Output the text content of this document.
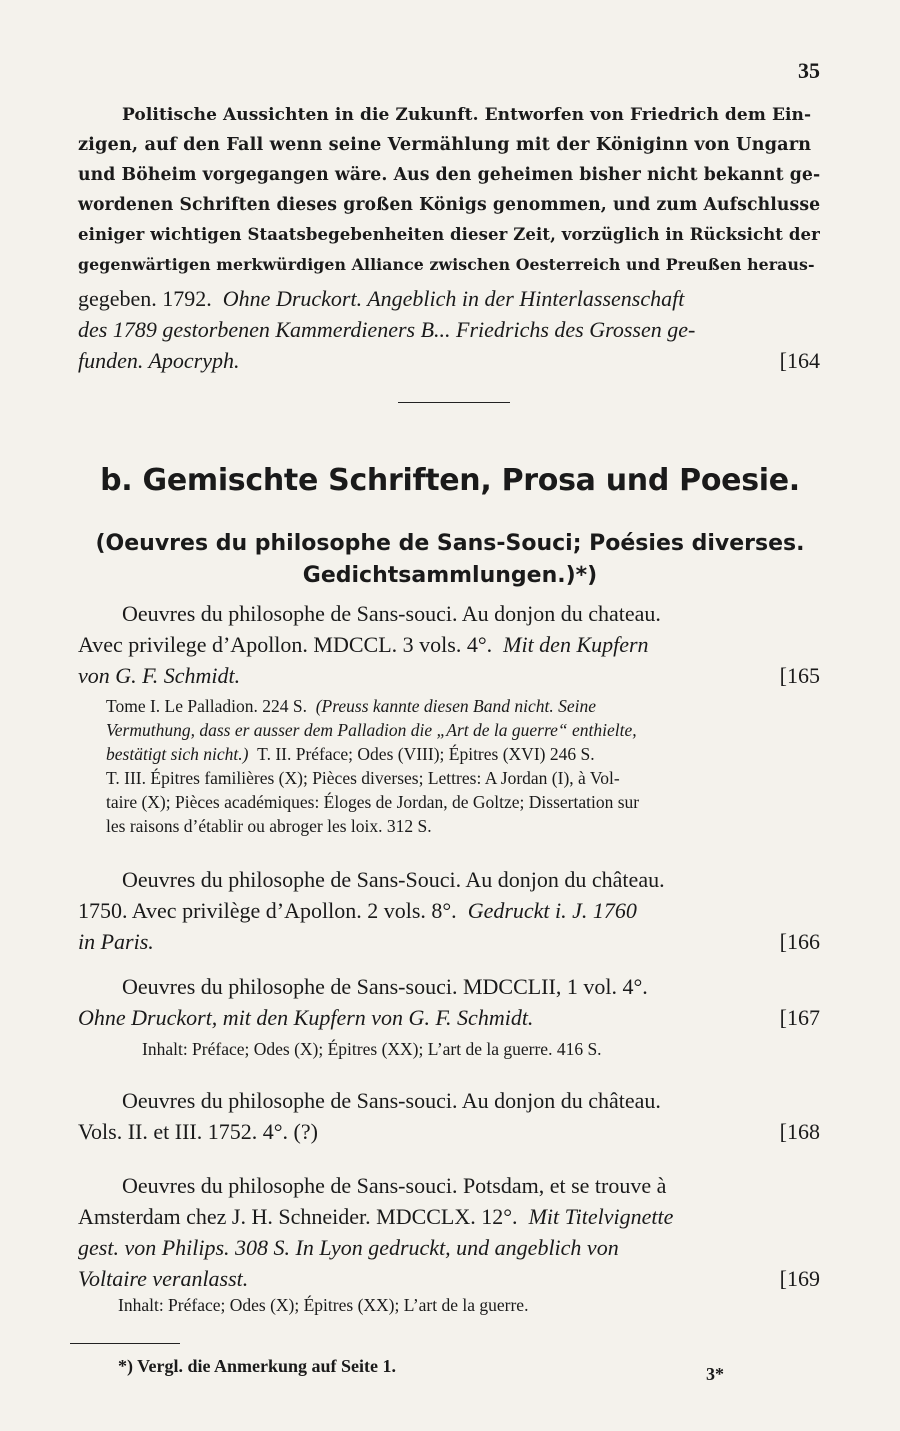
35
Politische Aussichten in die Zukunft. Entworfen von Friedrich dem Ein-
zigen, auf den Fall wenn seine Vermählung mit der Königinn von Ungarn
und Böheim vorgegangen wäre. Aus den geheimen bisher nicht bekannt ge-
wordenen Schriften dieses großen Königs genommen, und zum Aufschlusse
einiger wichtigen Staatsbegebenheiten dieser Zeit, vorzüglich in Rücksicht der
gegenwärtigen merkwürdigen Alliance zwischen Oesterreich und Preußen heraus-
gegeben. 1792. Ohne Druckort. Angeblich in der Hinterlassenschaft
des 1789 gestorbenen Kammerdieners B... Friedrichs des Grossen ge-
funden. Apocryph.	[164
b. Gemischte Schriften, Prosa und Poesie.
(Oeuvres du philosophe de Sans-Souci; Poésies diverses.
Gedichtsammlungen.)*)
Oeuvres du philosophe de Sans-souci. Au donjon du chateau.
Avec privilege d’Apollon. MDCCL. 3 vols. 4°. Mit den Kupfern
von G. F. Schmidt.	[165
Tome I. Le Palladion. 224 S. (Preuss kannte diesen Band nicht. Seine
Vermuthung, dass er ausser dem Palladion die „Art de la guerre“ enthielte,
bestätigt sich nicht.) T. II. Préface; Odes (VIII); Épitres (XVI) 246 S.
T. III. Épitres familières (X); Pièces diverses; Lettres: A Jordan (I), à Vol-
taire (X); Pièces académiques: Éloges de Jordan, de Goltze; Dissertation sur
les raisons d’établir ou abroger les loix. 312 S.
Oeuvres du philosophe de Sans-Souci. Au donjon du château.
1750. Avec privilège d’Apollon. 2 vols. 8°. Gedruckt i. J. 1760
in Paris.	[166
Oeuvres du philosophe de Sans-souci. MDCCLII, 1 vol. 4°.
Ohne Druckort, mit den Kupfern von G. F. Schmidt.	[167
Inhalt: Préface; Odes (X); Épitres (XX); L’art de la guerre. 416 S.
Oeuvres du philosophe de Sans-souci. Au donjon du château.
Vols. II. et III. 1752. 4°. (?)	[168
Oeuvres du philosophe de Sans-souci. Potsdam, et se trouve à
Amsterdam chez J. H. Schneider. MDCCLX. 12°. Mit Titelvignette
gest. von Philips. 308 S. In Lyon gedruckt, und angeblich von
Voltaire veranlasst.	[169
Inhalt: Préface; Odes (X); Épitres (XX); L’art de la guerre.
*) Vergl. die Anmerkung auf Seite 1.	3*
